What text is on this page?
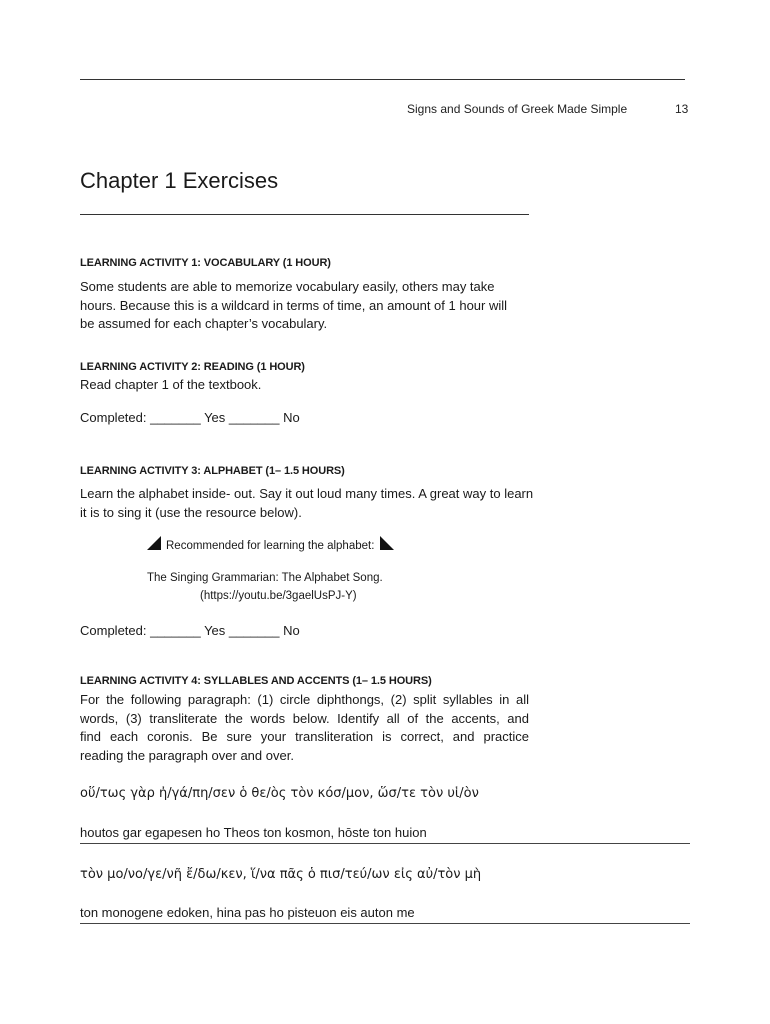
Signs and Sounds of Greek Made Simple	13
Chapter 1 Exercises
LEARNING ACTIVITY 1: VOCABULARY (1 HOUR)
Some students are able to memorize vocabulary easily, others may take
hours. Because this is a wildcard in terms of time, an amount of 1 hour will
be assumed for each chapter’s vocabulary.
LEARNING ACTIVITY 2: READING (1 HOUR)
Read chapter 1 of the textbook.
Completed: _______ Yes _______ No
LEARNING ACTIVITY 3: ALPHABET (1– 1.5 HOURS)
Learn the alphabet inside- out. Say it out loud many times. A great way to learn
it is to sing it (use the resource below).
Recommended for learning the alphabet:
The Singing Grammarian: The Alphabet Song.
(https://youtu.be/3gaelUsPJ-Y)
Completed: _______ Yes _______ No
LEARNING ACTIVITY 4: SYLLABLES AND ACCENTS (1– 1.5 HOURS)
For the following paragraph: (1) circle diphthongs, (2) split syllables in all
words, (3) transliterate the words below. Identify all of the accents, and
find each coronis. Be sure your transliteration is correct, and practice
reading the paragraph over and over.
οὕ/τως γὰρ ἠ/γά/πη/σεν ὁ θε/ὸς τὸν κόσ/μον, ὥσ/τε τὸν υἱ/ὸν
houtos gar egapesen ho Theos ton kosmon, hōste ton huion
τὸν μο/νο/γε/νῆ ἔ/δω/κεν, ἵ/να πᾶς ὁ πισ/τεύ/ων εἰς αὐ/τὸν μὴ
ton monogene edoken, hina pas ho pisteuon eis auton me
